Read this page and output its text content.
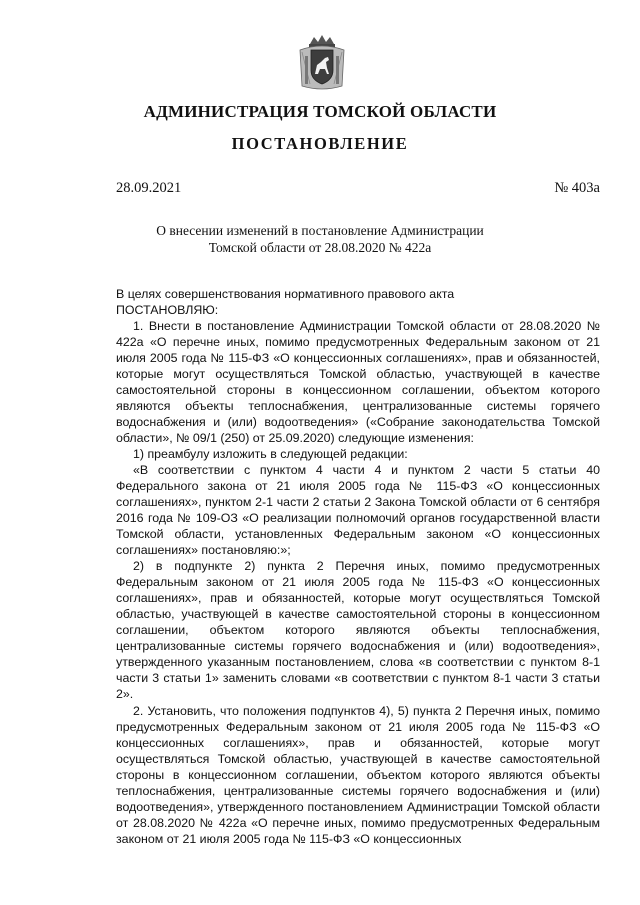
АДМИНИСТРАЦИЯ ТОМСКОЙ ОБЛАСТИ
ПОСТАНОВЛЕНИЕ
28.09.2021	№ 403а
О внесении изменений в постановление Администрации
Томской области от 28.08.2020 № 422а

В целях совершенствования нормативного правового акта

ПОСТАНОВЛЯЮ:

1. Внести в постановление Администрации Томской области от 28.08.2020 № 422а «О перечне иных, помимо предусмотренных Федеральным законом от 21 июля 2005 года № 115-ФЗ «О концессионных соглашениях», прав и обязанностей, которые могут осуществляться Томской областью, участвующей в качестве самостоятельной стороны в концессионном соглашении, объектом которого являются объекты теплоснабжения, централизованные системы горячего водоснабжения и (или) водоотведения» («Собрание законодательства Томской области», № 09/1 (250) от 25.09.2020) следующие изменения:

1) преамбулу изложить в следующей редакции:

«В соответствии с пунктом 4 части 4 и пунктом 2 части 5 статьи 40 Федерального закона от 21 июля 2005 года № 115-ФЗ «О концессионных соглашениях», пунктом 2-1 части 2 статьи 2 Закона Томской области от 6 сентября 2016 года № 109-ОЗ «О реализации полномочий органов государственной власти Томской области, установленных Федеральным законом «О концессионных соглашениях» постановляю:»;

2) в подпункте 2) пункта 2 Перечня иных, помимо предусмотренных Федеральным законом от 21 июля 2005 года № 115-ФЗ «О концессионных соглашениях», прав и обязанностей, которые могут осуществляться Томской областью, участвующей в качестве самостоятельной стороны в концессионном соглашении, объектом которого являются объекты теплоснабжения, централизованные системы горячего водоснабжения и (или) водоотведения», утвержденного указанным постановлением, слова «в соответствии с пунктом 8-1 части 3 статьи 1» заменить словами «в соответствии с пунктом 8-1 части 3 статьи 2».

2. Установить, что положения подпунктов 4), 5) пункта 2 Перечня иных, помимо предусмотренных Федеральным законом от 21 июля 2005 года № 115-ФЗ «О концессионных соглашениях», прав и обязанностей, которые могут осуществляться Томской областью, участвующей в качестве самостоятельной стороны в концессионном соглашении, объектом которого являются объекты теплоснабжения, централизованные системы горячего водоснабжения и (или) водоотведения», утвержденного постановлением Администрации Томской области от 28.08.2020 № 422а «О перечне иных, помимо предусмотренных Федеральным законом от 21 июля 2005 года № 115-ФЗ «О концессионных
